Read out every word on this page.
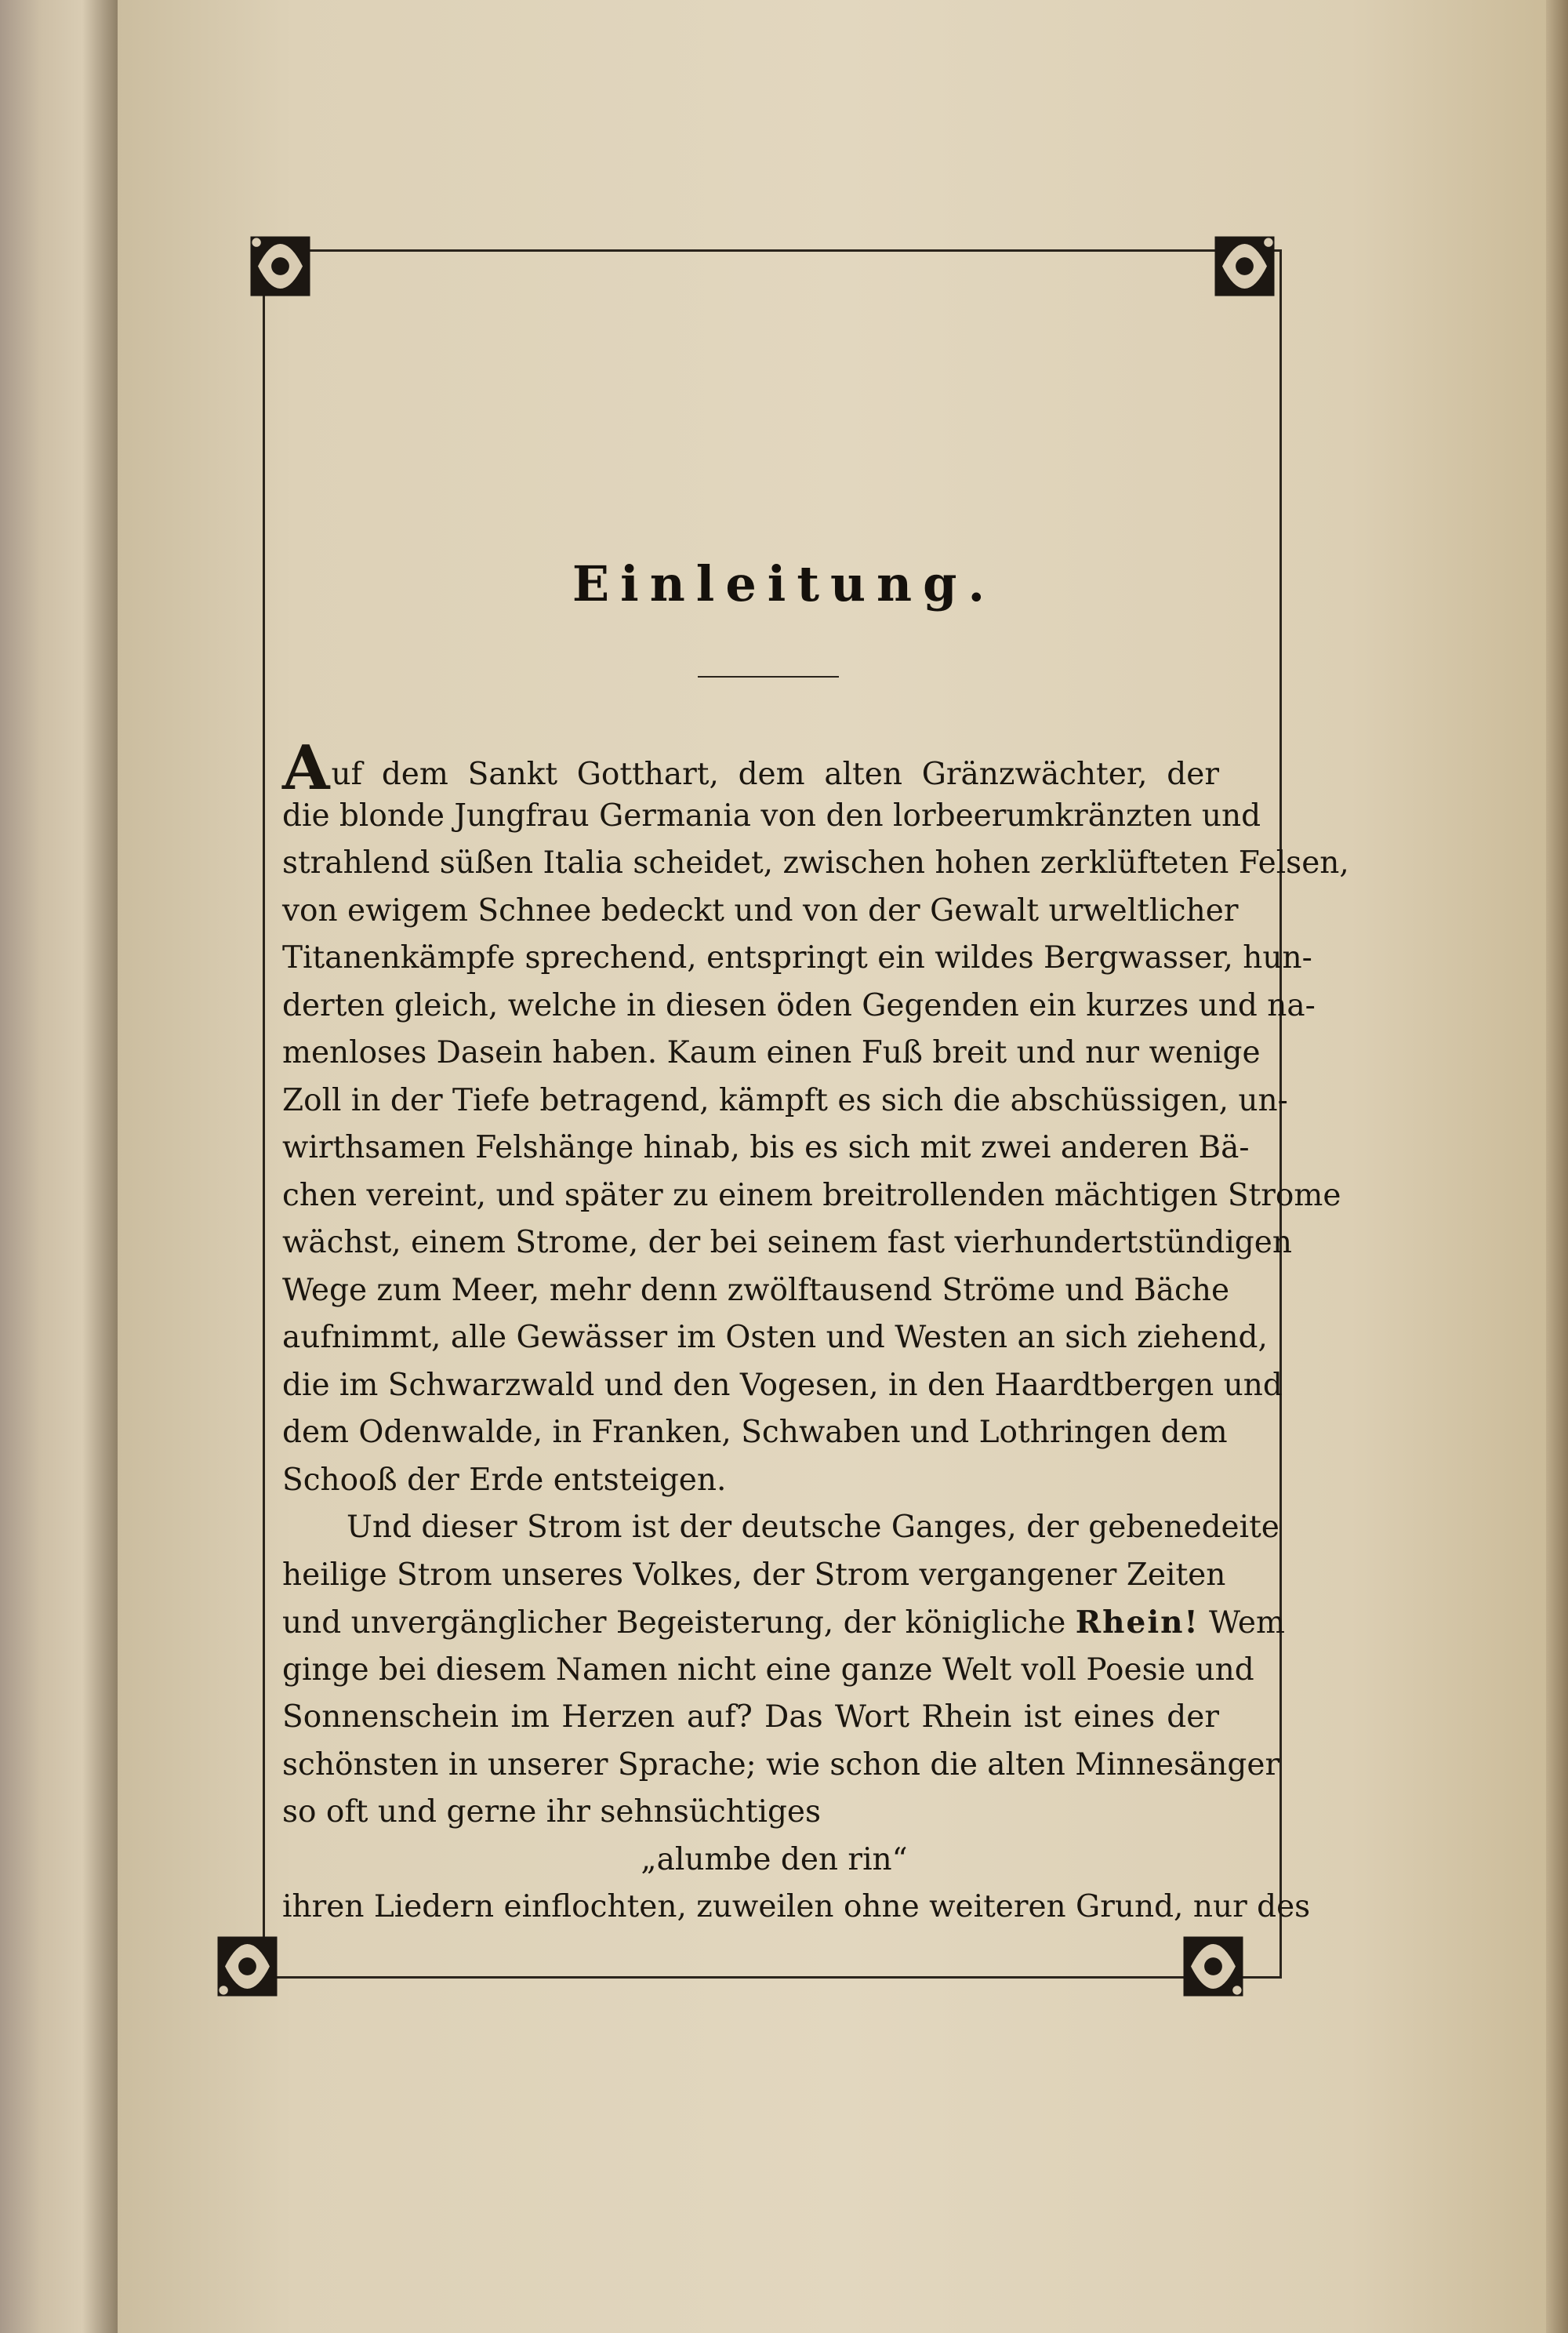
Einleitung.
Auf dem Sankt Gotthart, dem alten Gränzwächter, der
die blonde Jungfrau Germania von den lorbeerumkränzten und
strahlend süßen Italia scheidet, zwischen hohen zerklüfteten Felsen,
von ewigem Schnee bedeckt und von der Gewalt urweltlicher
Titanenkämpfe sprechend, entspringt ein wildes Bergwasser, hun-
derten gleich, welche in diesen öden Gegenden ein kurzes und na-
menloses Dasein haben. Kaum einen Fuß breit und nur wenige
Zoll in der Tiefe betragend, kämpft es sich die abschüssigen, un-
wirthsamen Felshänge hinab, bis es sich mit zwei anderen Bä-
chen vereint, und später zu einem breitrollenden mächtigen Strome
wächst, einem Strome, der bei seinem fast vierhundertstündigen
Wege zum Meer, mehr denn zwölftausend Ströme und Bäche
aufnimmt, alle Gewässer im Osten und Westen an sich ziehend,
die im Schwarzwald und den Vogesen, in den Haardtbergen und
dem Odenwalde, in Franken, Schwaben und Lothringen dem
Schooß der Erde entsteigen.
Und dieser Strom ist der deutsche Ganges, der gebenedeite
heilige Strom unseres Volkes, der Strom vergangener Zeiten
und unvergänglicher Begeisterung, der königliche Rhein! Wem
ginge bei diesem Namen nicht eine ganze Welt voll Poesie und
Sonnenschein im Herzen auf? Das Wort Rhein ist eines der
schönsten in unserer Sprache; wie schon die alten Minnesänger
so oft und gerne ihr sehnsüchtiges
„alumbe den rin“
ihren Liedern einflochten, zuweilen ohne weiteren Grund, nur des
